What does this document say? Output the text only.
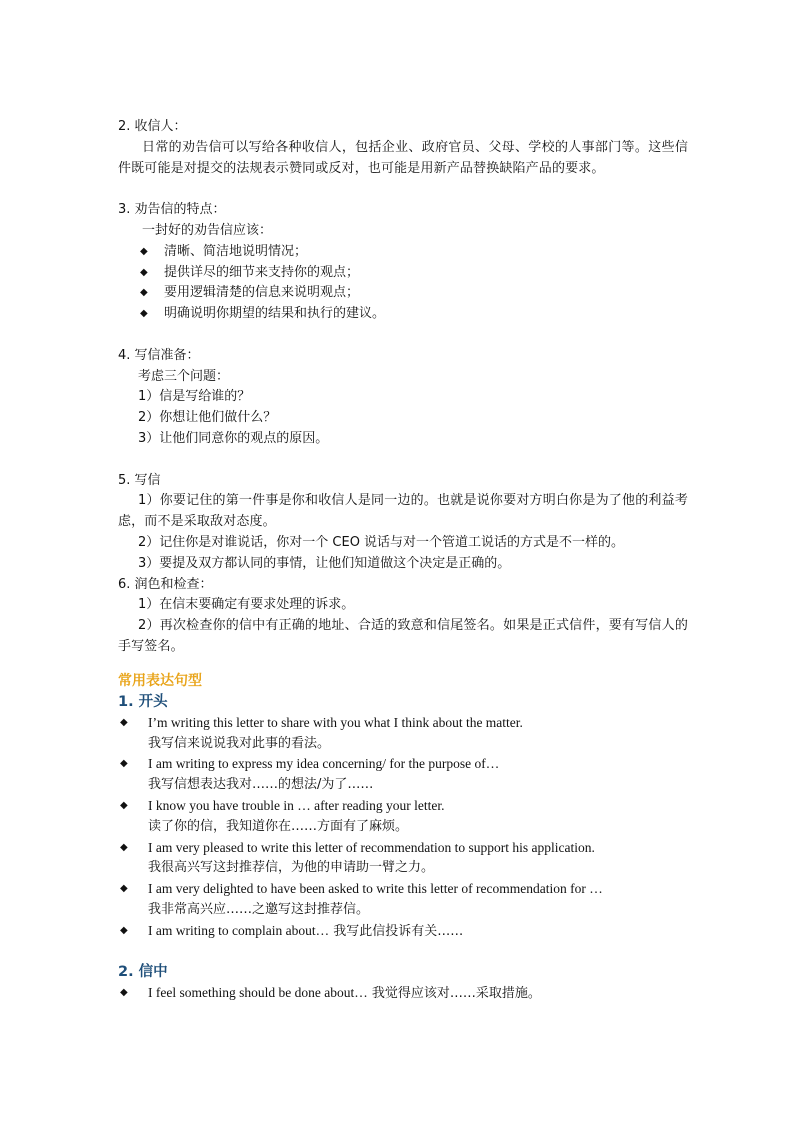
2. 收信人：
日常的劝告信可以写给各种收信人，包括企业、政府官员、父母、学校的人事部门等。这些信件既可能是对提交的法规表示赞同或反对，也可能是用新产品替换缺陷产品的要求。
3. 劝告信的特点：
一封好的劝告信应该：
◆ 清晰、简洁地说明情况；
◆ 提供详尽的细节来支持你的观点；
◆ 要用逻辑清楚的信息来说明观点；
◆ 明确说明你期望的结果和执行的建议。
4. 写信准备：
考虑三个问题：
1）信是写给谁的？
2）你想让他们做什么？
3）让他们同意你的观点的原因。
5. 写信
1）你要记住的第一件事是你和收信人是同一边的。也就是说你要对方明白你是为了他的利益考虑，而不是采取敌对态度。
2）记住你是对谁说话，你对一个 CEO 说话与对一个管道工说话的方式是不一样的。
3）要提及双方都认同的事情，让他们知道做这个决定是正确的。
6. 润色和检查：
1）在信末要确定有要求处理的诉求。
2）再次检查你的信中有正确的地址、合适的致意和信尾签名。如果是正式信件，要有写信人的手写签名。
常用表达句型
1. 开头
◆ I’m writing this letter to share with you what I think about the matter.
我写信来说说我对此事的看法。
◆ I am writing to express my idea concerning/ for the purpose of…
我写信想表达我对……的想法/为了……
◆ I know you have trouble in … after reading your letter.
读了你的信，我知道你在……方面有了麻烦。
◆ I am very pleased to write this letter of recommendation to support his application.
我很高兴写这封推荐信，为他的申请助一臂之力。
◆ I am very delighted to have been asked to write this letter of recommendation for …
我非常高兴应……之邀写这封推荐信。
◆ I am writing to complain about… 我写此信投诉有关……
2. 信中
◆ I feel something should be done about… 我觉得应该对……采取措施。
